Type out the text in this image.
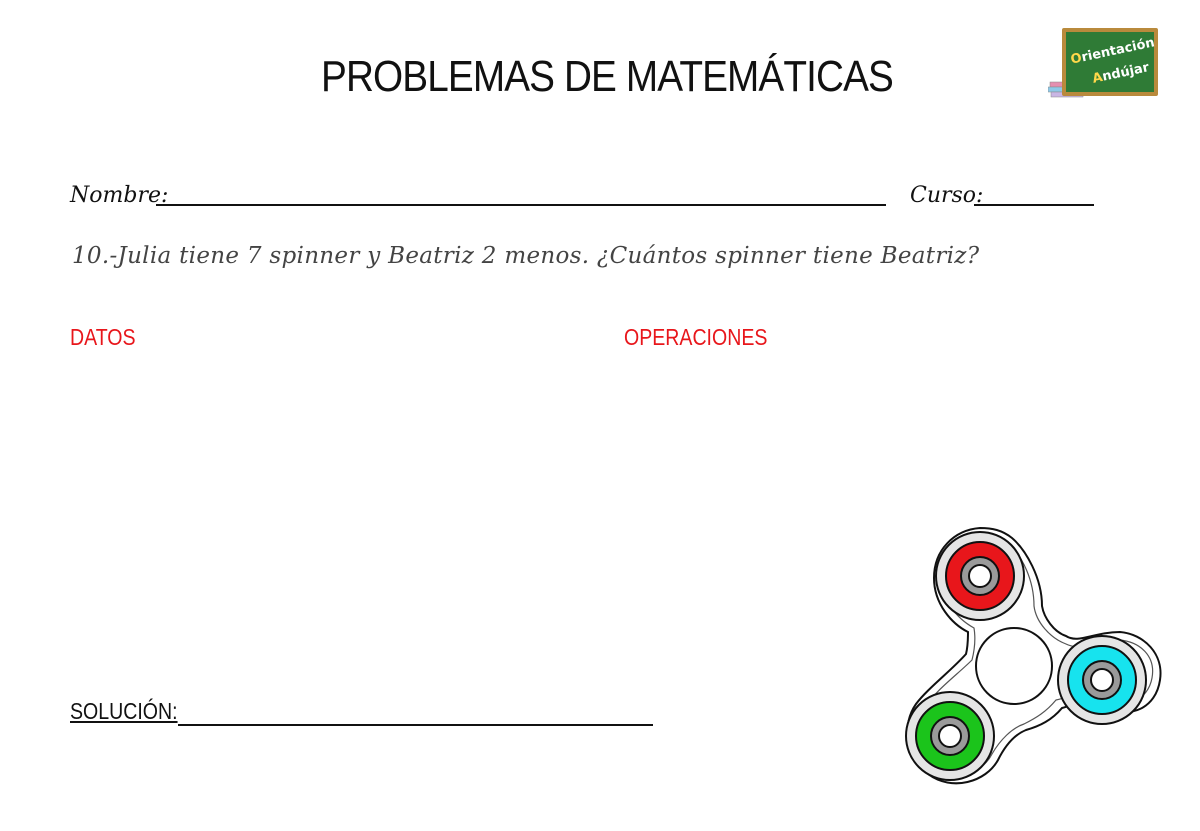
PROBLEMAS DE MATEMÁTICAS	Orientación
Andújar
Nombre:	Curso:
10.-Julia tiene 7 spinner y Beatriz 2 menos. ¿Cuántos spinner tiene Beatriz?
DATOS	OPERACIONES
SOLUCIÓN:
